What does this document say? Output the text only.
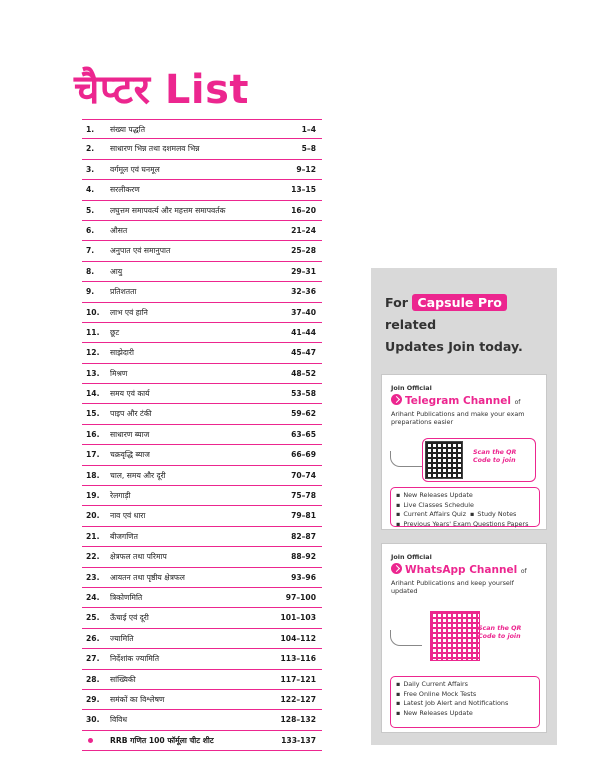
चैप्टर List
1. संख्या पद्धति	1–4
2. साधारण भिन्न तथा दशमलव भिन्न	5–8
3. वर्गमूल एवं घनमूल	9–12
4. सरलीकरण	13–15
5. लघुत्तम समापवर्त्य और महत्तम समापवर्तक	16–20
6. औसत	21–24
7. अनुपात एवं समानुपात	25–28
8. आयु	29–31
9. प्रतिशतता	32–36
10. लाभ एवं हानि	37–40
11. छूट	41–44
12. साझेदारी	45–47
13. मिश्रण	48–52
14. समय एवं कार्य	53–58
15. पाइप और टंकी	59–62
16. साधारण ब्याज	63–65
17. चक्रवृद्धि ब्याज	66–69
18. चाल, समय और दूरी	70–74
19. रेलगाड़ी	75–78
20. नाव एवं धारा	79–81
21. बीजगणित	82–87
22. क्षेत्रफल तथा परिमाप	88–92
23. आयतन तथा पृष्ठीय क्षेत्रफल	93–96
24. त्रिकोणमिति	97–100
25. ऊँचाई एवं दूरी	101–103
26. ज्यामिति	104–112
27. निर्देशांक ज्यामिति	113–116
28. सांख्यिकी	117–121
29. समंकों का विश्लेषण	122–127
30. विविध	128–132
RRB गणित 100 फॉर्मूला चीट शीट	133-137
For Capsule Pro related
Updates Join today.
Join Official
Telegram Channel of
Arihant Publications and make your exam preparations easier
Scan the QR Code to join
▪ New Releases Update
▪ Live Classes Schedule
▪ Current Affairs Quiz▪ Study Notes
▪ Previous Years' Exam Questions Papers
Join Official
WhatsApp Channel of
Arihant Publications and keep yourself updated
Scan the QR Code to join
▪ Daily Current Affairs
▪ Free Online Mock Tests
▪ Latest Job Alert and Notifications
▪ New Releases Update
